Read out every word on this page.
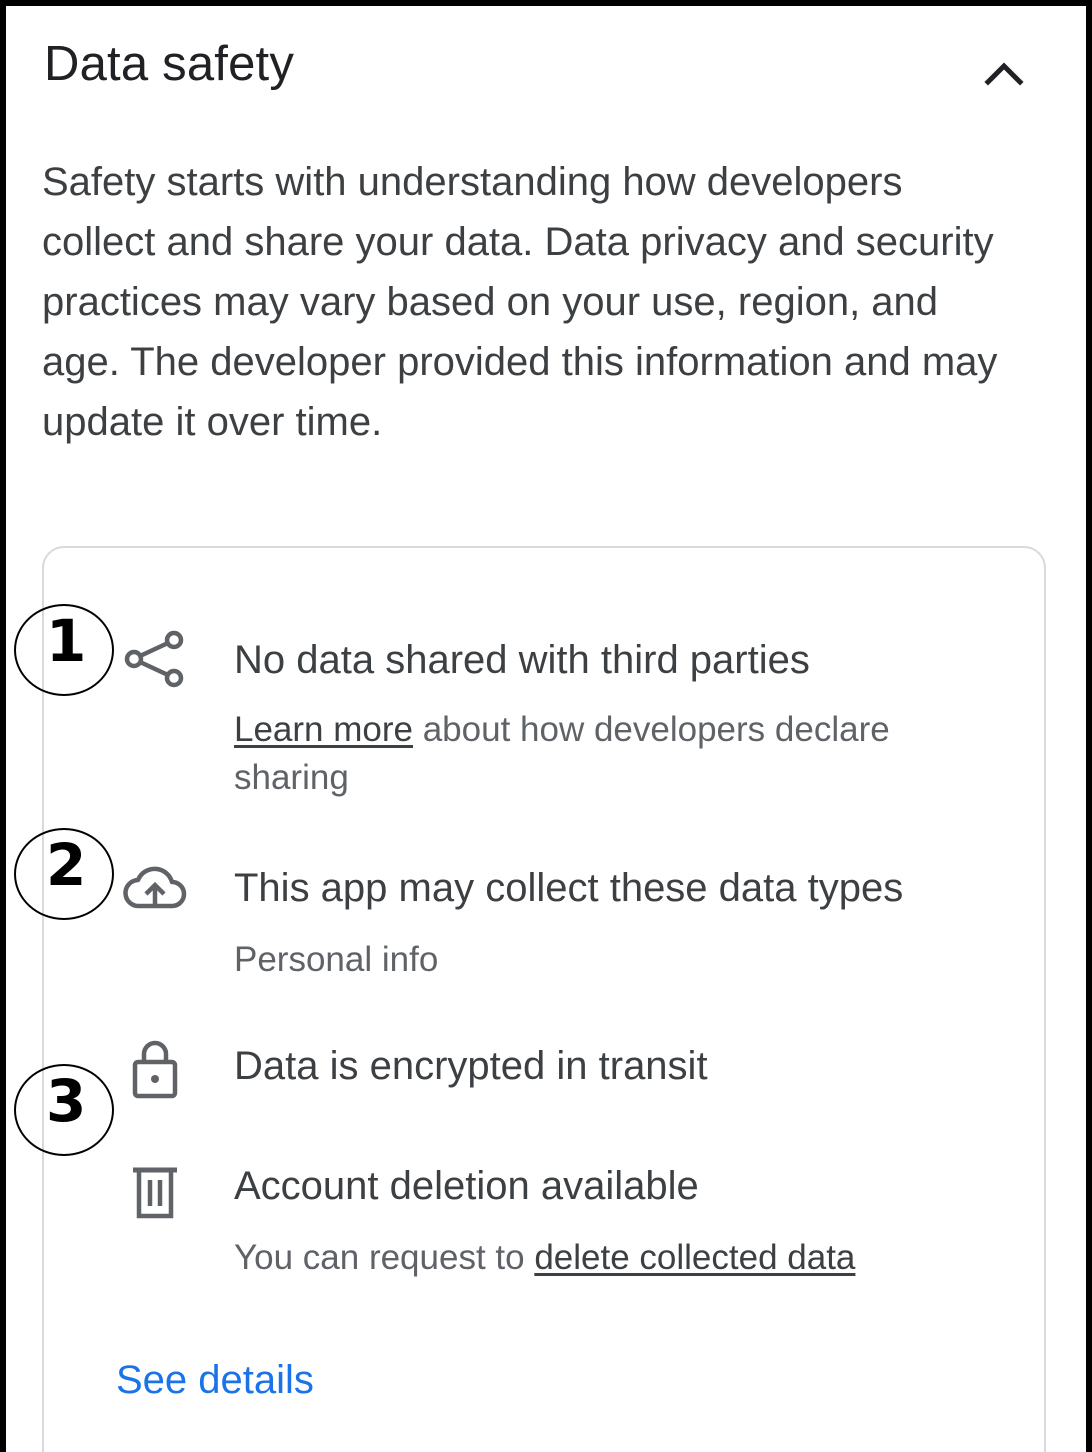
Data safety

Safety starts with understanding how developers collect and share your data. Data privacy and security practices may vary based on your use, region, and age. The developer provided this information and may update it over time.

No data shared with third parties
Learn more about how developers declare sharing
This app may collect these data types
Personal info
Data is encrypted in transit
Account deletion available
You can request to delete collected data
See details
1
2
3
